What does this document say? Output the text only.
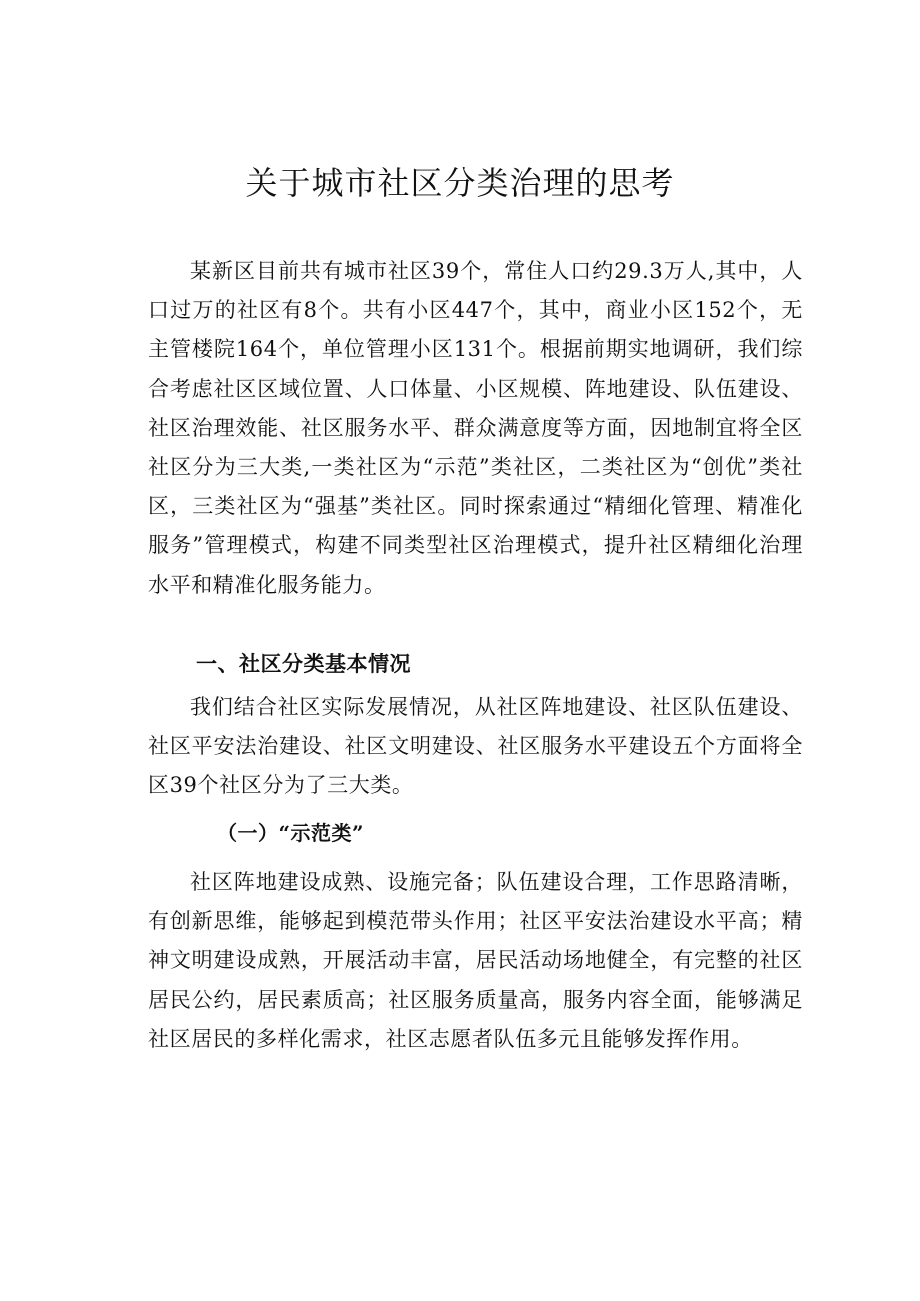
关于城市社区分类治理的思考

某新区目前共有城市社区39个，常住人口约29.3万人,其中，人口过万的社区有8个。共有小区447个，其中，商业小区152个，无主管楼院164个，单位管理小区131个。根据前期实地调研，我们综合考虑社区区域位置、人口体量、小区规模、阵地建设、队伍建设、社区治理效能、社区服务水平、群众满意度等方面，因地制宜将全区社区分为三大类,一类社区为“示范”类社区，二类社区为“创优”类社区，三类社区为“强基”类社区。同时探索通过“精细化管理、精准化服务”管理模式，构建不同类型社区治理模式，提升社区精细化治理水平和精准化服务能力。

一、社区分类基本情况

我们结合社区实际发展情况，从社区阵地建设、社区队伍建设、社区平安法治建设、社区文明建设、社区服务水平建设五个方面将全区39个社区分为了三大类。

（一）“示范类”

社区阵地建设成熟、设施完备；队伍建设合理，工作思路清晰，有创新思维，能够起到模范带头作用；社区平安法治建设水平高；精神文明建设成熟，开展活动丰富，居民活动场地健全，有完整的社区居民公约，居民素质高；社区服务质量高，服务内容全面，能够满足社区居民的多样化需求，社区志愿者队伍多元且能够发挥作用。
